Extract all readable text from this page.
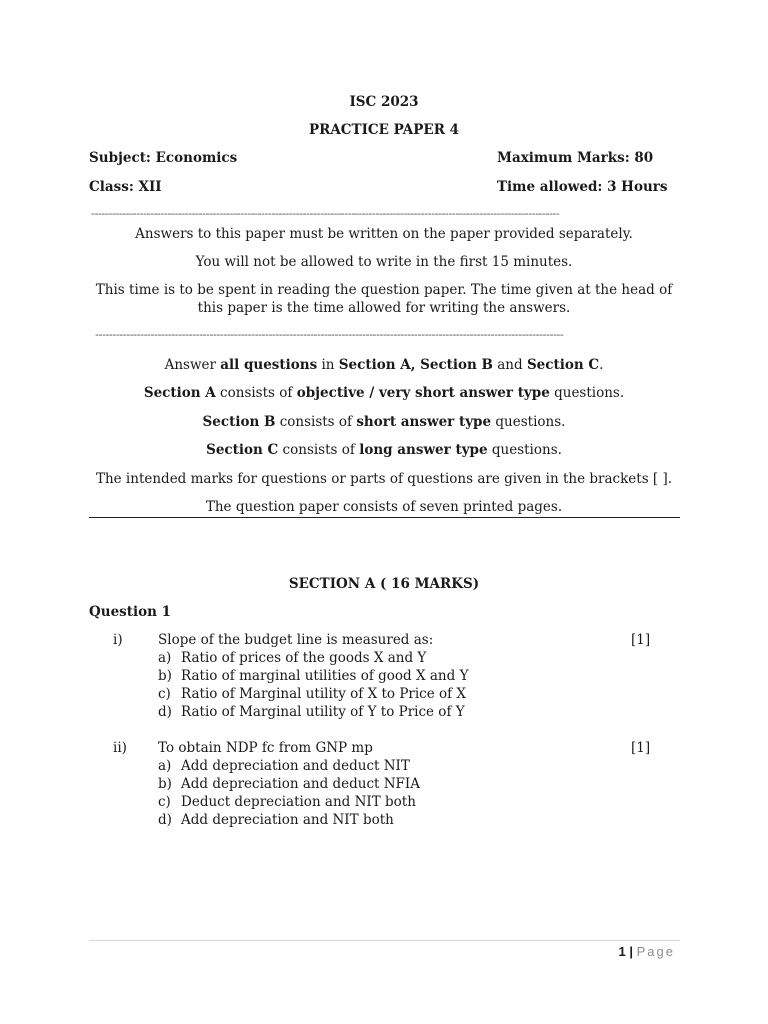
ISC 2023
PRACTICE PAPER 4
Subject: Economics	Maximum Marks: 80
Class: XII	Time allowed: 3 Hours
---------------------------------------------------------------------------------------------------------------------------------------
Answers to this paper must be written on the paper provided separately.
You will not be allowed to write in the first 15 minutes.
This time is to be spent in reading the question paper. The time given at the head of
this paper is the time allowed for writing the answers.
---------------------------------------------------------------------------------------------------------------------------------------
Answer all questions in Section A, Section B and Section C.
Section A consists of objective / very short answer type questions.
Section B consists of short answer type questions.
Section C consists of long answer type questions.
The intended marks for questions or parts of questions are given in the brackets [ ].
The question paper consists of seven printed pages.
SECTION A ( 16 MARKS)
Question 1
i)	Slope of the budget line is measured as:	[1]
a) Ratio of prices of the goods X and Y
b) Ratio of marginal utilities of good X and Y
c) Ratio of Marginal utility of X to Price of X
d) Ratio of Marginal utility of Y to Price of Y
ii) To obtain NDP fc from GNP mp	[1]
a) Add depreciation and deduct NIT
b) Add depreciation and deduct NFIA
c) Deduct depreciation and NIT both
d) Add depreciation and NIT both
1 | Page
